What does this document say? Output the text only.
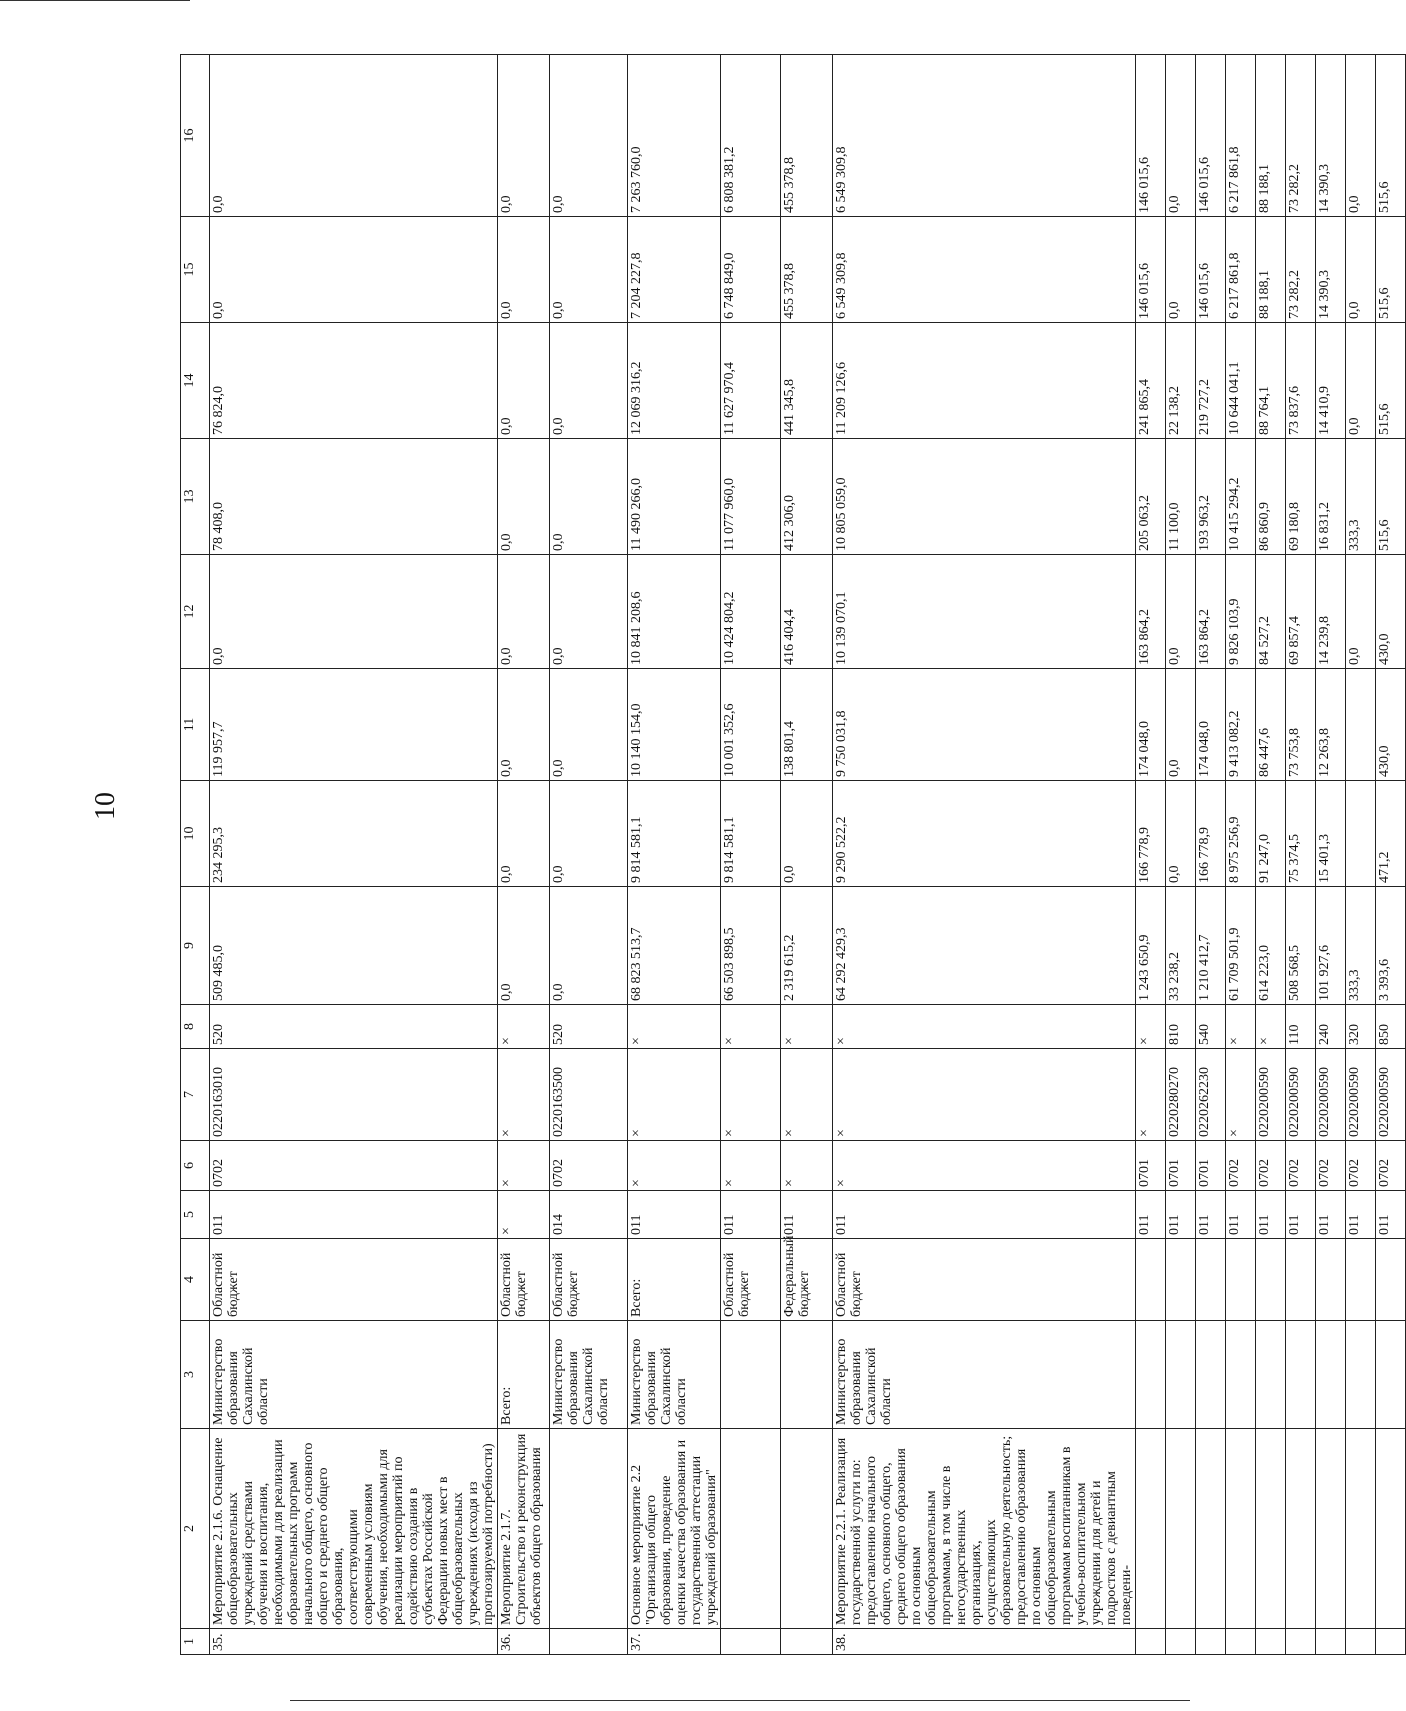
10
1	2	3	4	5	6	7	8	9	10	11	12	13	14	15	16
35.	Мероприятие 2.1.6. Оснащение общеобразовательных учреждений средствами обучения и воспитания, необходимыми для реализации образовательных программ начального общего, основного общего и среднего общего образования, соответствующими современным условиям обучения, необходимыми для реализации мероприятий по содействию создания в субъектах Российской Федерации новых мест в общеобразовательных учреждениях (исходя из прогнозируемой потребности)	Министерство образования Сахалинской области	Областной бюджет	011	0702	0220163010	520	509 485,0	234 295,3	119 957,7	0,0	78 408,0	76 824,0	0,0	0,0
36.	Мероприятие 2.1.7. Строительство и реконструкция объектов общего образования	Всего:	Областной бюджет	×	×	×	×	0,0	0,0	0,0	0,0	0,0	0,0	0,0	0,0
		Министерство образования Сахалинской области	Областной бюджет	014	0702	0220163500	520	0,0	0,0	0,0	0,0	0,0	0,0	0,0	0,0
37.	Основное мероприятие 2.2 "Организация общего образования, проведение оценки качества образования и государственной аттестации учреждений образования"	Министерство образования Сахалинской области	Всего:	011	×	×	×	68 823 513,7	9 814 581,1	10 140 154,0	10 841 208,6	11 490 266,0	12 069 316,2	7 204 227,8	7 263 760,0
			Областной бюджет	011	×	×	×	66 503 898,5	9 814 581,1	10 001 352,6	10 424 804,2	11 077 960,0	11 627 970,4	6 748 849,0	6 808 381,2
			Федеральный бюджет	011	×	×	×	2 319 615,2	0,0	138 801,4	416 404,4	412 306,0	441 345,8	455 378,8	455 378,8
38.	Мероприятие 2.2.1. Реализация государственной услуги по: предоставлению начального общего, основного общего, среднего общего образования по основным общеобразовательным программам, в том числе в негосударственных организациях, осуществляющих образовательную деятельность; предоставлению образования по основным общеобразовательным программам воспитанникам в учебно-воспитательном учреждении для детей и подростков с девиантным поведени-	Министерство образования Сахалинской области	Областной бюджет	011	×	×	×	64 292 429,3	9 290 522,2	9 750 031,8	10 139 070,1	10 805 059,0	11 209 126,6	6 549 309,8	6 549 309,8
				011	0701	×	×	1 243 650,9	166 778,9	174 048,0	163 864,2	205 063,2	241 865,4	146 015,6	146 015,6
				011	0701	0220280270	810	33 238,2	0,0	0,0	0,0	11 100,0	22 138,2	0,0	0,0
				011	0701	0220262230	540	1 210 412,7	166 778,9	174 048,0	163 864,2	193 963,2	219 727,2	146 015,6	146 015,6
				011	0702	×	×	61 709 501,9	8 975 256,9	9 413 082,2	9 826 103,9	10 415 294,2	10 644 041,1	6 217 861,8	6 217 861,8
				011	0702	0220200590	×	614 223,0	91 247,0	86 447,6	84 527,2	86 860,9	88 764,1	88 188,1	88 188,1
				011	0702	0220200590	110	508 568,5	75 374,5	73 753,8	69 857,4	69 180,8	73 837,6	73 282,2	73 282,2
				011	0702	0220200590	240	101 927,6	15 401,3	12 263,8	14 239,8	16 831,2	14 410,9	14 390,3	14 390,3
				011	0702	0220200590	320	333,3			0,0	333,3	0,0	0,0	0,0
				011	0702	0220200590	850	3 393,6	471,2	430,0	430,0	515,6	515,6	515,6	515,6
